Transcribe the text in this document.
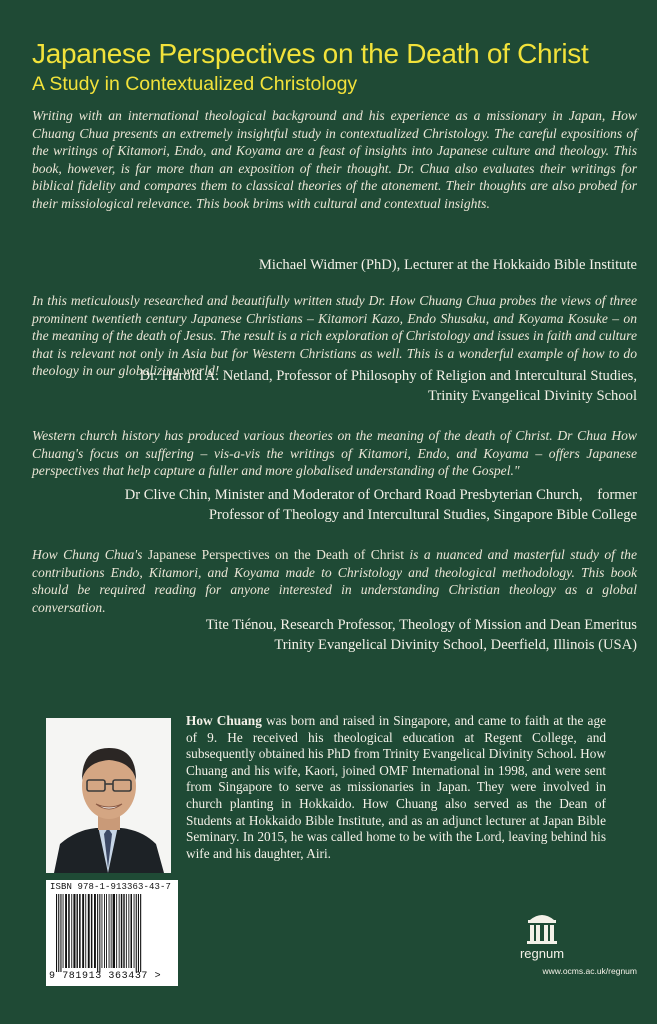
Japanese Perspectives on the Death of Christ
A Study in Contextualized Christology

Writing with an international theological background and his experience as a missionary in Japan, How Chuang Chua presents an extremely insightful study in contextualized Christology. The careful expositions of the writings of Kitamori, Endo, and Koyama are a feast of insights into Japanese culture and theology. This book, however, is far more than an exposition of their thought. Dr. Chua also evaluates their writings for biblical fidelity and compares them to classical theories of the atonement. Their thoughts are also probed for their missiological relevance. This book brims with cultural and contextual insights.

Michael Widmer (PhD), Lecturer at the Hokkaido Bible Institute

In this meticulously researched and beautifully written study Dr. How Chuang Chua probes the views of three prominent twentieth century Japanese Christians – Kitamori Kazo, Endo Shusaku, and Koyama Kosuke – on the meaning of the death of Jesus. The result is a rich exploration of Christology and issues in faith and culture that is relevant not only in Asia but for Western Christians as well. This is a wonderful example of how to do theology in our globalizing world!

Dr. Harold A. Netland, Professor of Philosophy of Religion and Intercultural Studies,
Trinity Evangelical Divinity School

Western church history has produced various theories on the meaning of the death of Christ. Dr Chua How Chuang's focus on suffering – vis-a-vis the writings of Kitamori, Endo, and Koyama – offers Japanese perspectives that help capture a fuller and more globalised understanding of the Gospel."

Dr Clive Chin, Minister and Moderator of Orchard Road Presbyterian Church,    former
Professor of Theology and Intercultural Studies, Singapore Bible College

How Chung Chua's Japanese Perspectives on the Death of Christ is a nuanced and masterful study of the contributions Endo, Kitamori, and Koyama made to Christology and theological methodology. This book should be required reading for anyone interested in understanding Christian theology as a global conversation.

Tite Tiénou, Research Professor, Theology of Mission and Dean Emeritus
Trinity Evangelical Divinity School, Deerfield, Illinois (USA)

How Chuang was born and raised in Singapore, and came to faith at the age of 9. He received his theological education at Regent College, and subsequently obtained his PhD from Trinity Evangelical Divinity School. How Chuang and his wife, Kaori, joined OMF International in 1998, and were sent from Singapore to serve as missionaries in Japan. They were involved in church planting in Hokkaido. How Chuang also served as the Dean of Students at Hokkaido Bible Institute, and as an adjunct lecturer at Japan Bible Seminary. In 2015, he was called home to be with the Lord, leaving behind his wife and his daughter, Airi.

ISBN 978-1-913363-43-7
9 781913 363437 >
regnum
www.ocms.ac.uk/regnum
